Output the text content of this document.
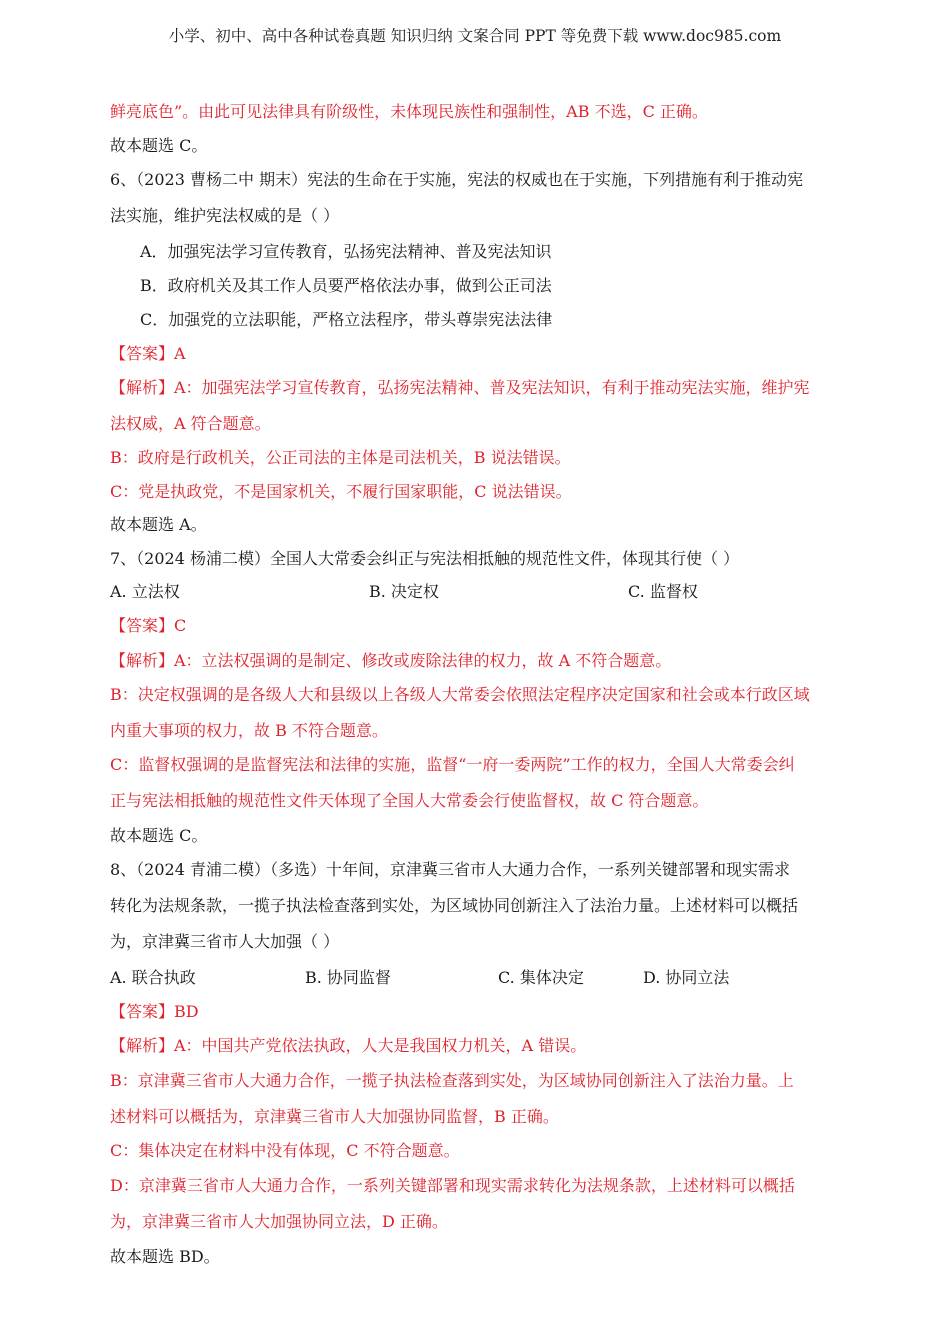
小学、初中、高中各种试卷真题 知识归纳 文案合同 PPT 等免费下载 www.doc985.com
鲜亮底色”。由此可见法律具有阶级性，未体现民族性和强制性，AB 不选，C 正确。
故本题选 C。
6、（2023 曹杨二中 期末）宪法的生命在于实施，宪法的权威也在于实施，下列措施有利于推动宪
法实施，维护宪法权威的是（ ）
A．加强宪法学习宣传教育，弘扬宪法精神、普及宪法知识
B．政府机关及其工作人员要严格依法办事，做到公正司法
C．加强党的立法职能，严格立法程序，带头尊崇宪法法律
【答案】A
【解析】A：加强宪法学习宣传教育，弘扬宪法精神、普及宪法知识，有利于推动宪法实施，维护宪
法权威，A 符合题意。
B：政府是行政机关，公正司法的主体是司法机关，B 说法错误。
C：党是执政党，不是国家机关，不履行国家职能，C 说法错误。
故本题选 A。
7、（2024 杨浦二模）全国人大常委会纠正与宪法相抵触的规范性文件，体现其行使（ ）
A. 立法权	B. 决定权	C. 监督权
【答案】C
【解析】A：立法权强调的是制定、修改或废除法律的权力，故 A 不符合题意。
B：决定权强调的是各级人大和县级以上各级人大常委会依照法定程序决定国家和社会或本行政区域
内重大事项的权力，故 B 不符合题意。
C：监督权强调的是监督宪法和法律的实施，监督“一府一委两院”工作的权力，全国人大常委会纠
正与宪法相抵触的规范性文件天体现了全国人大常委会行使监督权，故 C 符合题意。
故本题选 C。
8、（2024 青浦二模）（多选）十年间，京津冀三省市人大通力合作，一系列关键部署和现实需求
转化为法规条款，一揽子执法检查落到实处，为区域协同创新注入了法治力量。上述材料可以概括
为，京津冀三省市人大加强（ ）
A. 联合执政	B. 协同监督	C. 集体决定	D. 协同立法
【答案】BD
【解析】A：中国共产党依法执政，人大是我国权力机关，A 错误。
B：京津冀三省市人大通力合作，一揽子执法检查落到实处，为区域协同创新注入了法治力量。上
述材料可以概括为，京津冀三省市人大加强协同监督，B 正确。
C：集体决定在材料中没有体现，C 不符合题意。
D：京津冀三省市人大通力合作，一系列关键部署和现实需求转化为法规条款，上述材料可以概括
为，京津冀三省市人大加强协同立法，D 正确。
故本题选 BD。
